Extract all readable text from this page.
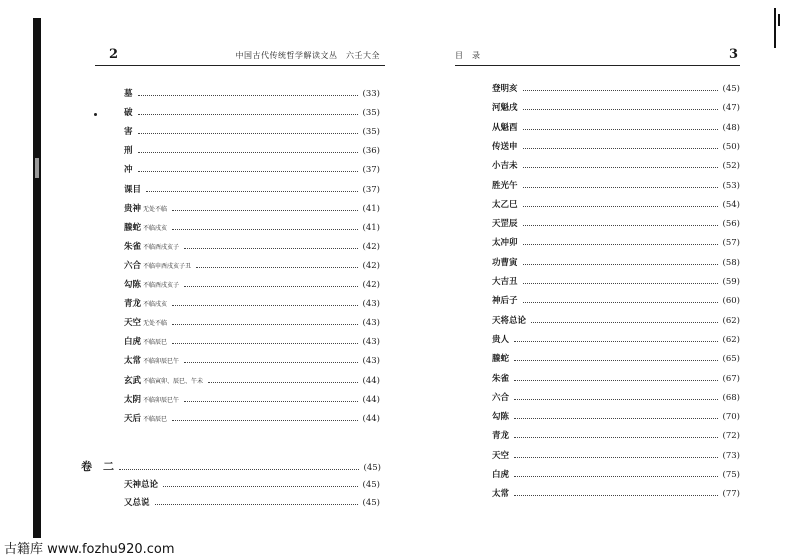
2	中国古代传统哲学解读文丛　六壬大全
墓	(33)
破	(35)
害	(35)
刑	(36)
冲	(37)
课目	(37)
贵神 无处不临	(41)
螣蛇 不临戌亥	(41)
朱雀 不临酉戌亥子	(42)
六合 不临申酉戌亥子丑	(42)
勾陈 不临酉戌亥子	(42)
青龙 不临戌亥	(43)
天空 无处不临	(43)
白虎 不临辰巳	(43)
太常 不临卯辰巳午	(43)
玄武 不临寅卯、辰巳、午未	(44)
太阴 不临卯辰巳午	(44)
天后 不临辰巳	(44)
卷　二	(45)
天神总论	(45)
又总说	(45)
目　录	3
登明亥	(45)
河魁戌	(47)
从魁酉	(48)
传送申	(50)
小吉未	(52)
胜光午	(53)
太乙巳	(54)
天罡辰	(56)
太冲卯	(57)
功曹寅	(58)
大吉丑	(59)
神后子	(60)
天将总论	(62)
贵人	(62)
螣蛇	(65)
朱雀	(67)
六合	(68)
勾陈	(70)
青龙	(72)
天空	(73)
白虎	(75)
太常	(77)
古籍库 www.fozhu920.com
